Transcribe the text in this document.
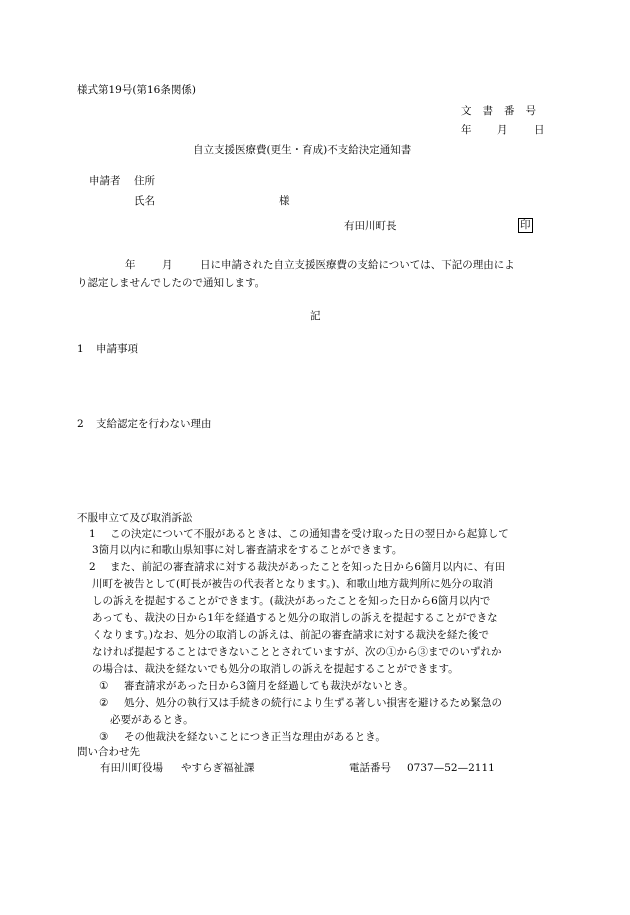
様式第19号(第16条関係)
文書番号
年 月	日
自立支援医療費(更生・育成)不支給決定通知書
申請者 住所
氏名	様
有田川町長	印
年	月	日に申請された自立支援医療費の支給については、下記の理由によ
り認定しませんでしたので通知します。
記
1 申請事項
2 支給認定を行わない理由
不服申立て及び取消訴訟
1 この決定について不服があるときは、この通知書を受け取った日の翌日から起算して
3箇月以内に和歌山県知事に対し審査請求をすることができます。
2 また、前記の審査請求に対する裁決があったことを知った日から6箇月以内に、有田
川町を被告として(町長が被告の代表者となります。)、和歌山地方裁判所に処分の取消
しの訴えを提起することができます。(裁決があったことを知った日から6箇月以内で
あっても、裁決の日から1年を経過すると処分の取消しの訴えを提起することができな
くなります。)なお、処分の取消しの訴えは、前記の審査請求に対する裁決を経た後で
なければ提起することはできないこととされていますが、次の①から③までのいずれか
の場合は、裁決を経ないでも処分の取消しの訴えを提起することができます。
① 審査請求があった日から3箇月を経過しても裁決がないとき。
② 処分、処分の執行又は手続きの続行により生ずる著しい損害を避けるため緊急の
必要があるとき。
③ その他裁決を経ないことにつき正当な理由があるとき。
問い合わせ先
有田川町役場 やすらぎ福祉課	電話番号 0737—52—2111
